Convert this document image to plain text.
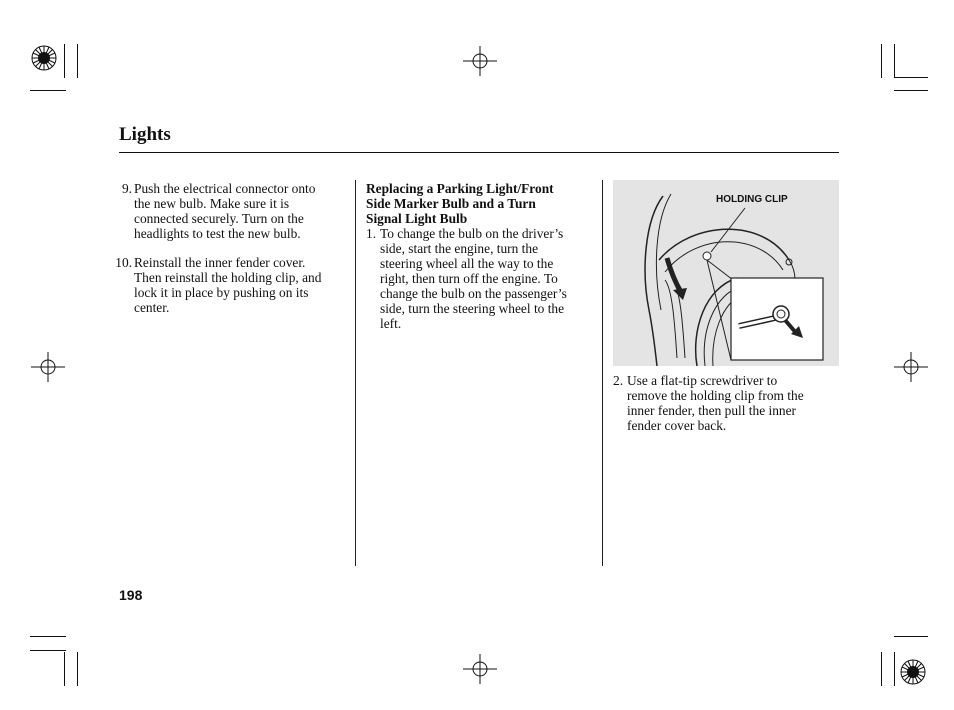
Lights
9. Push the electrical connector onto
the new bulb. Make sure it is
connected securely. Turn on the
headlights to test the new bulb.
10. Reinstall the inner fender cover.
Then reinstall the holding clip, and
lock it in place by pushing on its
center.
Replacing a Parking Light/Front
Side Marker Bulb and a Turn
Signal Light Bulb
1. To change the bulb on the driver’s
side, start the engine, turn the
steering wheel all the way to the
right, then turn off the engine. To
change the bulb on the passenger’s
side, turn the steering wheel to the
left.
HOLDING CLIP
2. Use a flat-tip screwdriver to
remove the holding clip from the
inner fender, then pull the inner
fender cover back.
198
